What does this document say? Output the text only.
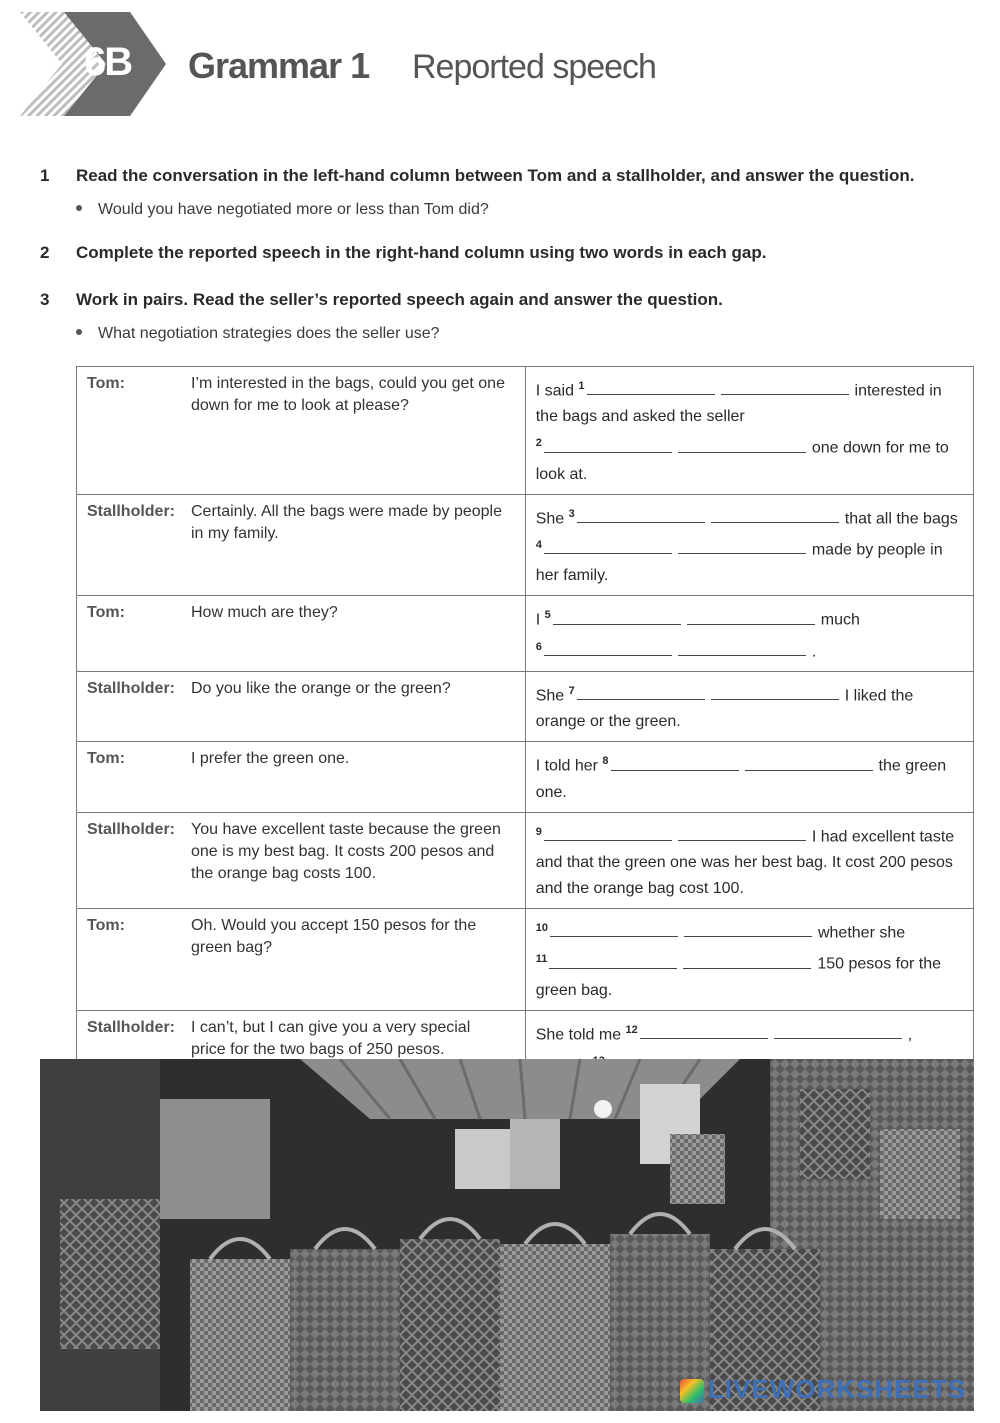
6B Grammar 1 Reported speech
1 Read the conversation in the left-hand column between Tom and a stallholder, and answer the question.
Would you have negotiated more or less than Tom did?
2 Complete the reported speech in the right-hand column using two words in each gap.
3 Work in pairs. Read the seller’s reported speech again and answer the question.
What negotiation strategies does the seller use?
Tom: I’m interested in the bags, could you get one down for me to look at please?	I said $^1$ interested in the bags and asked the seller
$^2$ one down for me to look at.
Stallholder: Certainly. All the bags were made by people in my family.	She $^3$ that all the bags $^4$ made by people in her family.
Tom: How much are they?	I $^5$ much
$^6$ .
Stallholder: Do you like the orange or the green?	She $^7$ I liked the orange or the green.
Tom: I prefer the green one.	I told her $^8$ the green one.
Stallholder: You have excellent taste because the green one is my best bag. It costs 200 pesos and the orange bag costs 100.	$^9$ I had excellent taste and that the green one was her best bag. It cost 200 pesos and the orange bag cost 100.
Tom: Oh. Would you accept 150 pesos for the green bag?	$^{10}$ whether she
$^{11}$ 150 pesos for the green bag.
Stallholder: I can’t, but I can give you a very special price for the two bags of 250 pesos.	She told me $^{12}$ ,

LIVEWORKSHEETS
